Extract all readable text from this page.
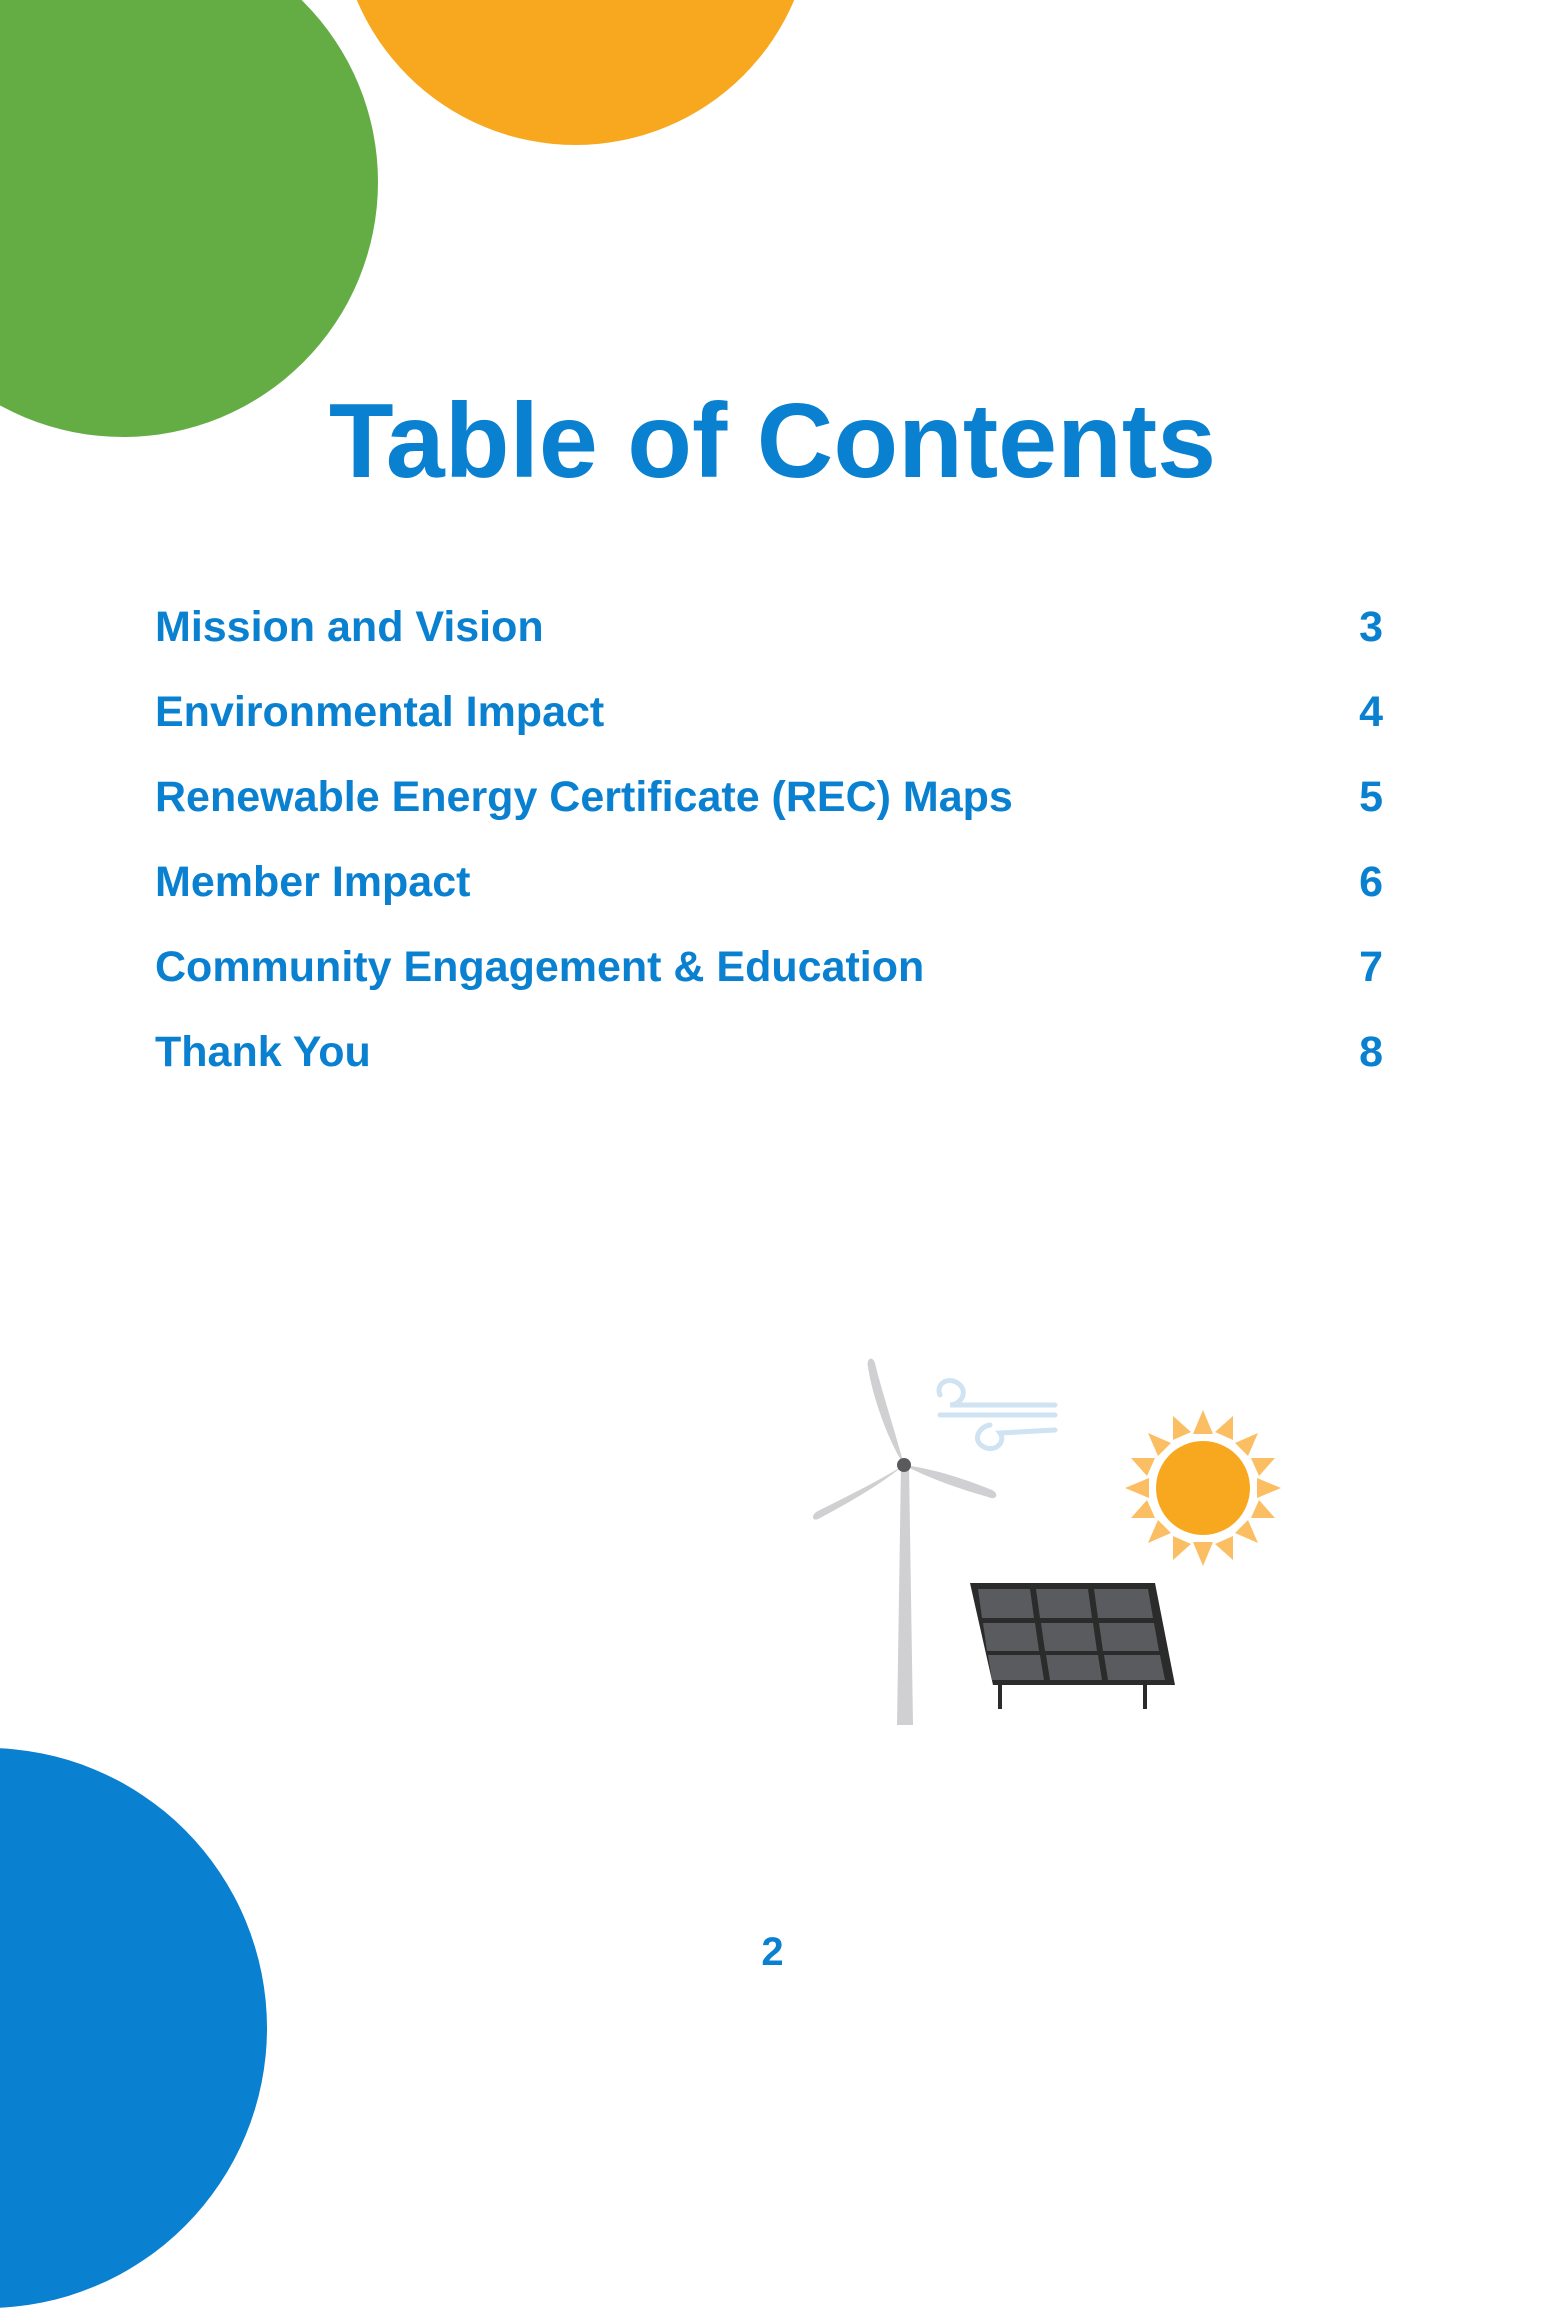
Table of Contents
Mission and Vision	3
Environmental Impact	4
Renewable Energy Certificate (REC) Maps	5
Member Impact	6
Community Engagement & Education	7
Thank You	8
2
